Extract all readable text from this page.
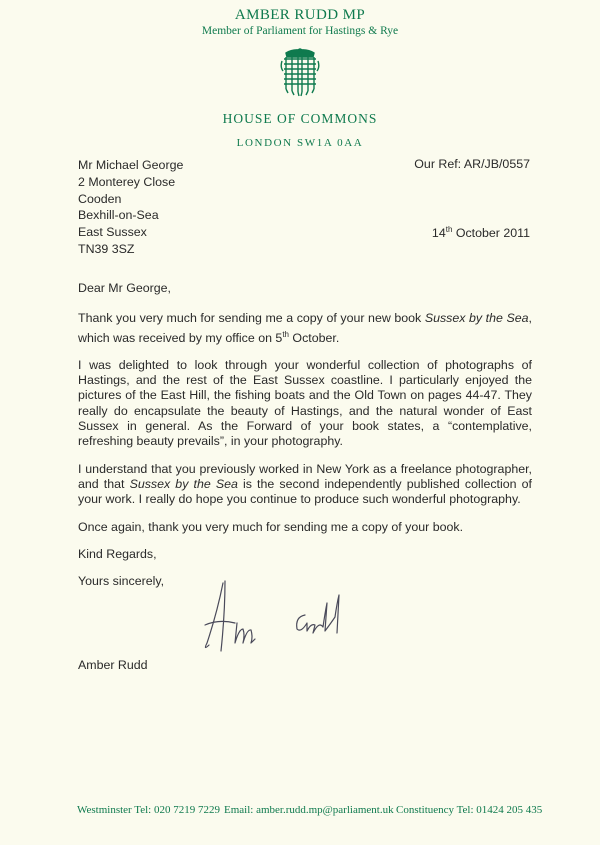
AMBER RUDD MP
Member of Parliament for Hastings & Rye
HOUSE OF COMMONS
LONDON SW1A 0AA
Mr Michael George
2 Monterey Close
Cooden
Bexhill-on-Sea
East Sussex
TN39 3SZ
Our Ref: AR/JB/0557
14th October 2011

Dear Mr George,

Thank you very much for sending me a copy of your new book Sussex by the Sea, which was received by my office on 5th October.

I was delighted to look through your wonderful collection of photographs of Hastings, and the rest of the East Sussex coastline. I particularly enjoyed the pictures of the East Hill, the fishing boats and the Old Town on pages 44-47. They really do encapsulate the beauty of Hastings, and the natural wonder of East Sussex in general. As the Forward of your book states, a “contemplative, refreshing beauty prevails”, in your photography.

I understand that you previously worked in New York as a freelance photographer, and that Sussex by the Sea is the second independently published collection of your work. I really do hope you continue to produce such wonderful photography.

Once again, thank you very much for sending me a copy of your book.

Kind Regards,

Yours sincerely,

Amber Rudd
Westminster Tel: 020 7219 7229 Email: amber.rudd.mp@parliament.uk Constituency Tel: 01424 205 435
